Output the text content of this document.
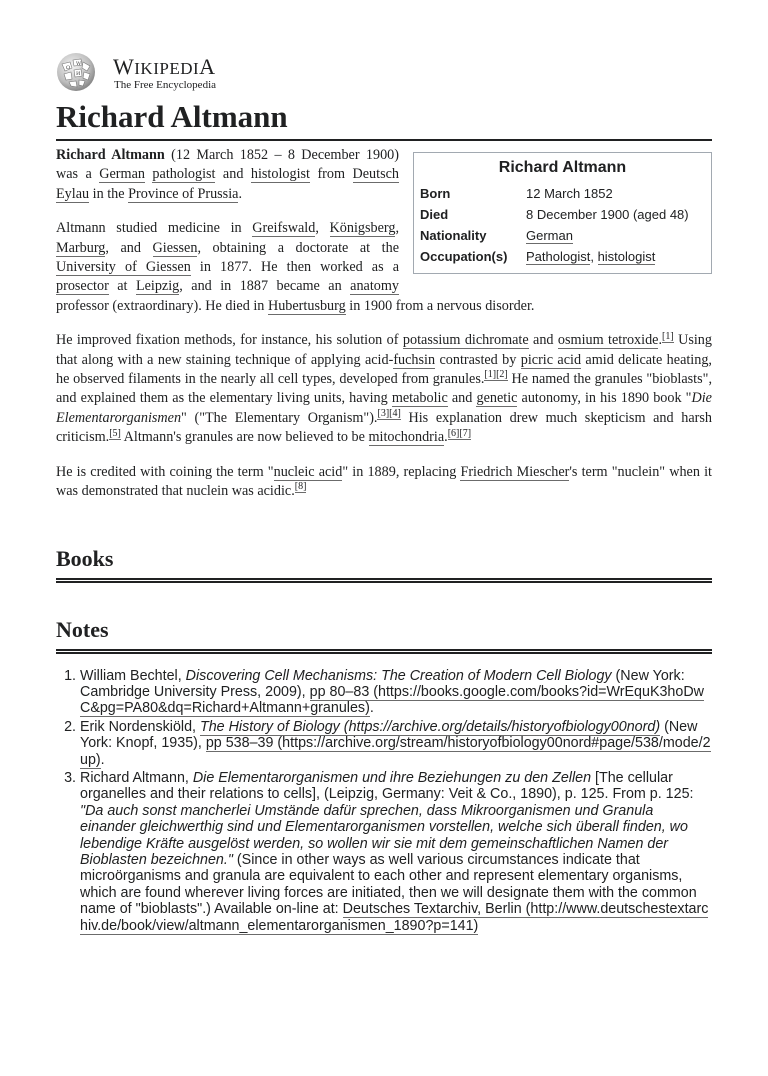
Ω
W
И WIKIPEDIA
The Free Encyclopedia
Richard Altmann
Richard Altmann
Born	12 March 1852
Died	8 December 1900 (aged 48)
Nationality	German
Occupation(s)	Pathologist, histologist

Richard Altmann (12 March 1852 – 8 December 1900) was a German pathologist and histologist from Deutsch Eylau in the Province of Prussia.

Altmann studied medicine in Greifswald, Königsberg, Marburg, and Giessen, obtaining a doctorate at the University of Giessen in 1877. He then worked as a prosector at Leipzig, and in 1887 became an anatomy professor (extraordinary). He died in Hubertusburg in 1900 from a nervous disorder.

He improved fixation methods, for instance, his solution of potassium dichromate and osmium tetroxide.[1] Using that along with a new staining technique of applying acid-fuchsin contrasted by picric acid amid delicate heating, he observed filaments in the nearly all cell types, developed from granules.[1][2] He named the granules "bioblasts", and explained them as the elementary living units, having metabolic and genetic autonomy, in his 1890 book "Die Elementarorganismen" ("The Elementary Organism").[3][4] His explanation drew much skepticism and harsh criticism.[5] Altmann's granules are now believed to be mitochondria.[6][7]

He is credited with coining the term "nucleic acid" in 1889, replacing Friedrich Miescher's term "nuclein" when it was demonstrated that nuclein was acidic.[8]

Books
Notes
1. William Bechtel, Discovering Cell Mechanisms: The Creation of Modern Cell Biology (New York: Cambridge University Press, 2009), pp 80–83 (https://books.google.com/books?id=WrEquK3hoDwC&pg=PA80&dq=Richard+Altmann+granules).
2. Erik Nordenskiöld, The History of Biology (https://archive.org/details/historyofbiology00nord) (New York: Knopf, 1935), pp 538–39 (https://archive.org/stream/historyofbiology00nord#page/538/mode/2up).
3. Richard Altmann, Die Elementarorganismen und ihre Beziehungen zu den Zellen [The cellular organelles and their relations to cells], (Leipzig, Germany: Veit & Co., 1890), p. 125. From p. 125: "Da auch sonst mancherlei Umstände dafür sprechen, dass Mikroorganismen und Granula einander gleichwerthig sind und Elementarorganismen vorstellen, welche sich überall finden, wo lebendige Kräfte ausgelöst werden, so wollen wir sie mit dem gemeinschaftlichen Namen der Bioblasten bezeichnen." (Since in other ways as well various circumstances indicate that microörganisms and granula are equivalent to each other and represent elementary organisms, which are found wherever living forces are initiated, then we will designate them with the common name of "bioblasts".) Available on-line at: Deutsches Textarchiv, Berlin (http://www.deutschestextarchiv.de/book/view/altmann_elementarorganismen_1890?p=141)
